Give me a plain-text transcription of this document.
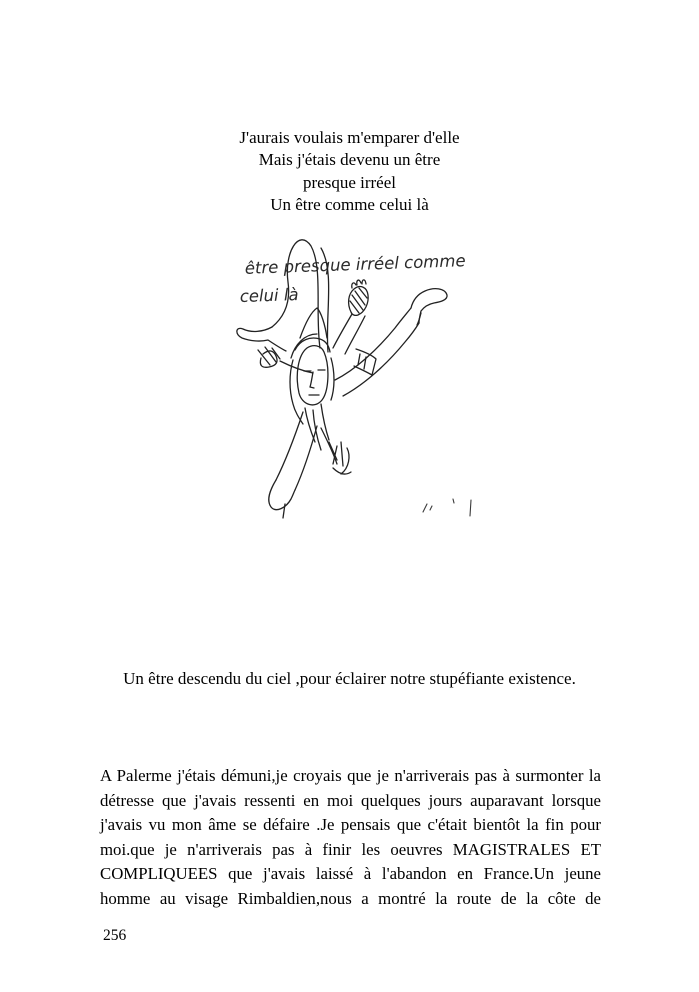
J'aurais voulais m'emparer d'elle
Mais j'étais devenu un être
presque irréel
Un être comme celui là
être presque irréel comme
celui là
Un être descendu du ciel ,pour éclairer notre stupéfiante existence.
A Palerme j'étais démuni,je croyais que je n'arriverais pas à surmonter la
détresse que j'avais ressenti en moi quelques jours auparavant lorsque
j'avais vu mon âme se défaire .Je pensais que c'était bientôt la fin pour
moi.que je n'arriverais pas à finir les oeuvres MAGISTRALES ET
COMPLIQUEES que j'avais laissé à l'abandon en France.Un jeune
homme au visage Rimbaldien,nous a montré la route de la côte de
256
